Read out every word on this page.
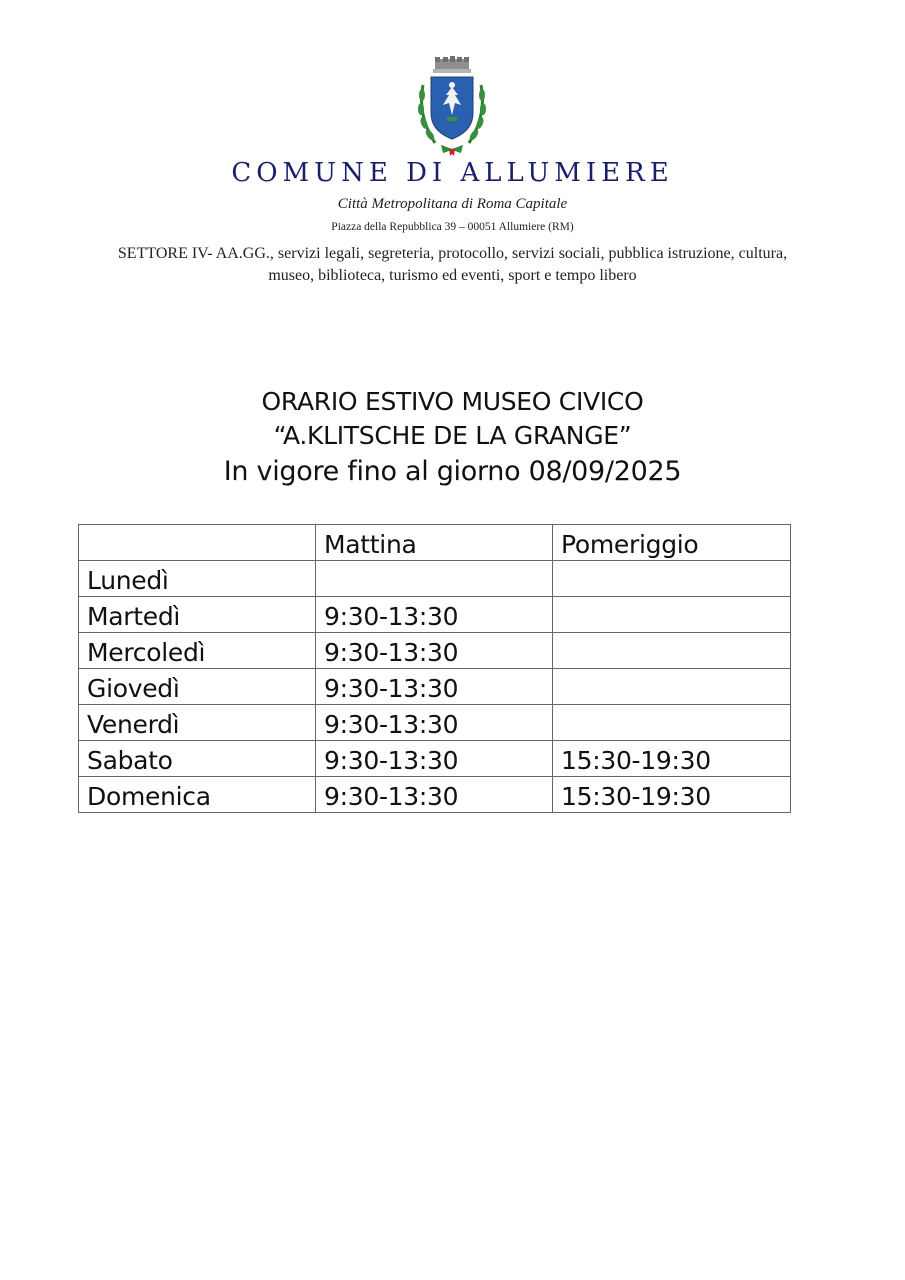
COMUNE DI ALLUMIERE
Città Metropolitana di Roma Capitale
Piazza della Repubblica 39 – 00051 Allumiere (RM)
SETTORE IV- AA.GG., servizi legali, segreteria, protocollo, servizi sociali, pubblica istruzione, cultura, museo, biblioteca, turismo ed eventi, sport e tempo libero
ORARIO ESTIVO MUSEO CIVICO
“A.KLITSCHE DE LA GRANGE”
In vigore fino al giorno 08/09/2025
	Mattina	Pomeriggio
Lunedì		
Martedì	9:30-13:30	
Mercoledì	9:30-13:30	
Giovedì	9:30-13:30	
Venerdì	9:30-13:30	
Sabato	9:30-13:30	15:30-19:30
Domenica	9:30-13:30	15:30-19:30
